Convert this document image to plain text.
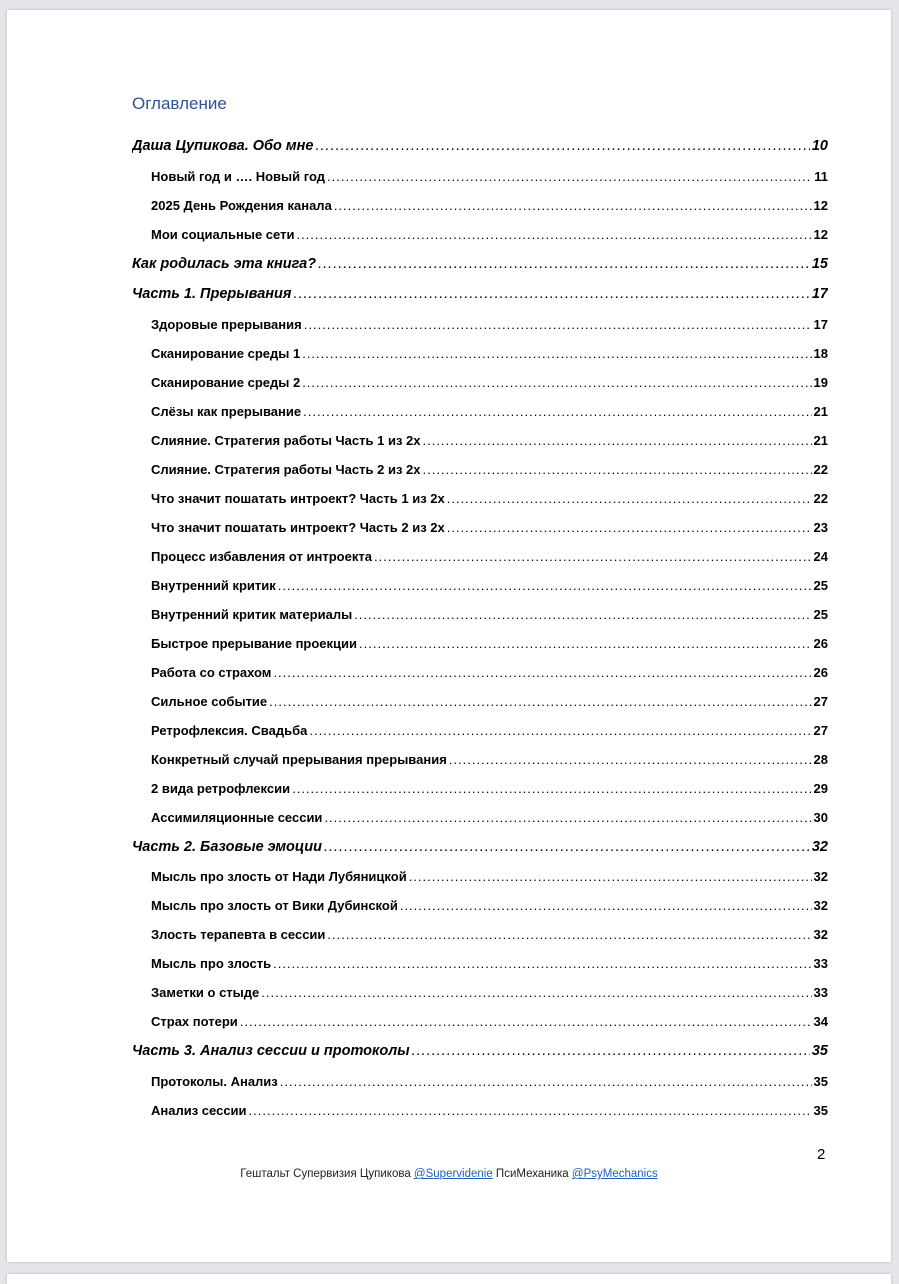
Оглавление
Даша Цупикова. Обо мне .....	10
Новый год и …. Новый год .....	11
2025 День Рождения канала .....	12
Мои социальные сети .....	12
Как родилась эта книга? .....	15
Часть 1. Прерывания .....	17
Здоровые прерывания .....	17
Сканирование среды 1 .....	18
Сканирование среды 2 .....	19
Слёзы как прерывание .....	21
Слияние. Стратегия работы Часть 1 из 2х .....	21
Слияние. Стратегия работы Часть 2 из 2х .....	22
Что значит пошатать интроект? Часть 1 из 2х .....	22
Что значит пошатать интроект? Часть 2 из 2х .....	23
Процесс избавления от интроекта .....	24
Внутренний критик .....	25
Внутренний критик материалы .....	25
Быстрое прерывание проекции .....	26
Работа со страхом .....	26
Сильное событие .....	27
Ретрофлексия. Свадьба .....	27
Конкретный случай прерывания прерывания .....	28
2 вида ретрофлексии .....	29
Ассимиляционные сессии .....	30
Часть 2. Базовые эмоции .....	32
Мысль про злость от Нади Лубяницкой .....	32
Мысль про злость от Вики Дубинской .....	32
Злость терапевта в сессии .....	32
Мысль про злость .....	33
Заметки о стыде .....	33
Страх потери .....	34
Часть 3. Анализ сессии и протоколы .....	35
Протоколы. Анализ .....	35
Анализ сессии .....	35
2
Гештальт Супервизия Цупикова @Supervidenie ПсиМеханика @PsyMechanics
